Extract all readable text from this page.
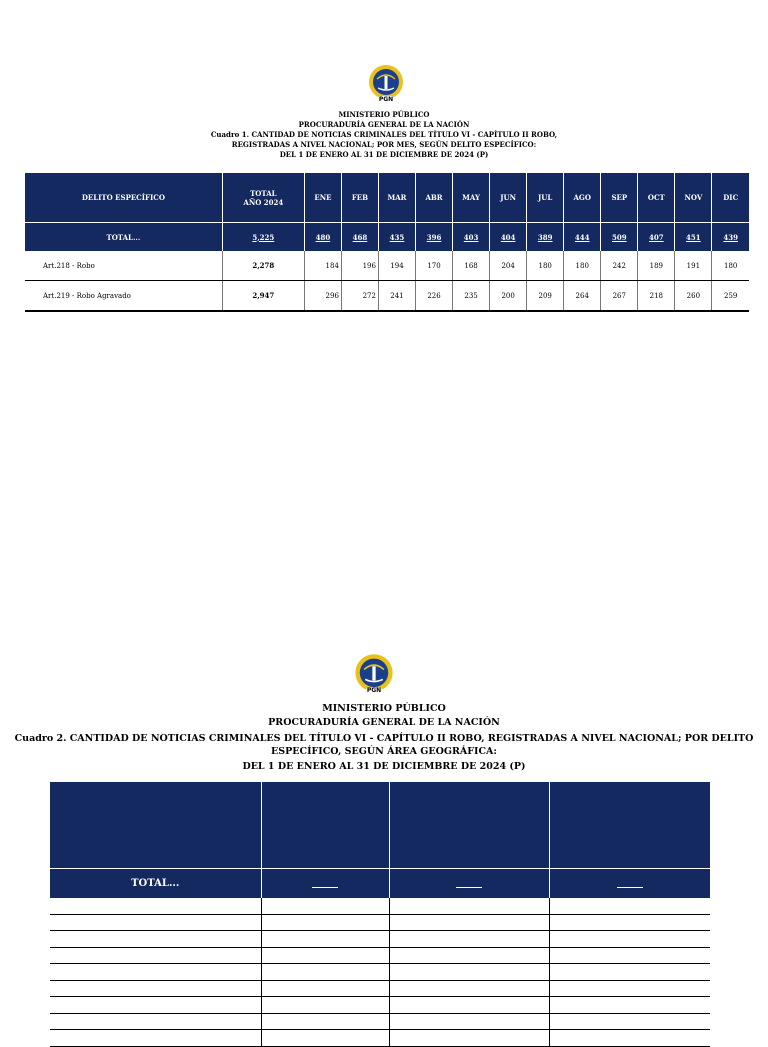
PGN
MINISTERIO PÚBLICO
PROCURADURÍA GENERAL DE LA NACIÓN
Cuadro 1. CANTIDAD DE NOTICIAS CRIMINALES DEL TÍTULO VI - CAPÍTULO II ROBO,
REGISTRADAS A NIVEL NACIONAL; POR MES, SEGÚN DELITO ESPECÍFICO:
DEL 1 DE ENERO AL 31 DE DICIEMBRE DE 2024 (P)
DELITO ESPECÍFICO	TOTAL
AÑO 2024	ENE	FEB	MAR	ABR	MAY	JUN	JUL	AGO	SEP	OCT	NOV	DIC
TOTAL...	5,225	480	468	435	396	403	404	389	444	509	407	451	439
Art.218 - Robo	2,278	184	196	194	170	168	204	180	180	242	189	191	180
Art.219 - Robo Agravado	2,947	296	272	241	226	235	200	209	264	267	218	260	259
PGN
MINISTERIO PÚBLICO
PROCURADURÍA GENERAL DE LA NACIÓN
Cuadro 2. CANTIDAD DE NOTICIAS CRIMINALES DEL TÍTULO VI - CAPÍTULO II ROBO, REGISTRADAS A NIVEL NACIONAL; POR DELITO
ESPECÍFICO, SEGÚN ÁREA GEOGRÁFICA:
DEL 1 DE ENERO AL 31 DE DICIEMBRE DE 2024 (P)

TOTAL...			
